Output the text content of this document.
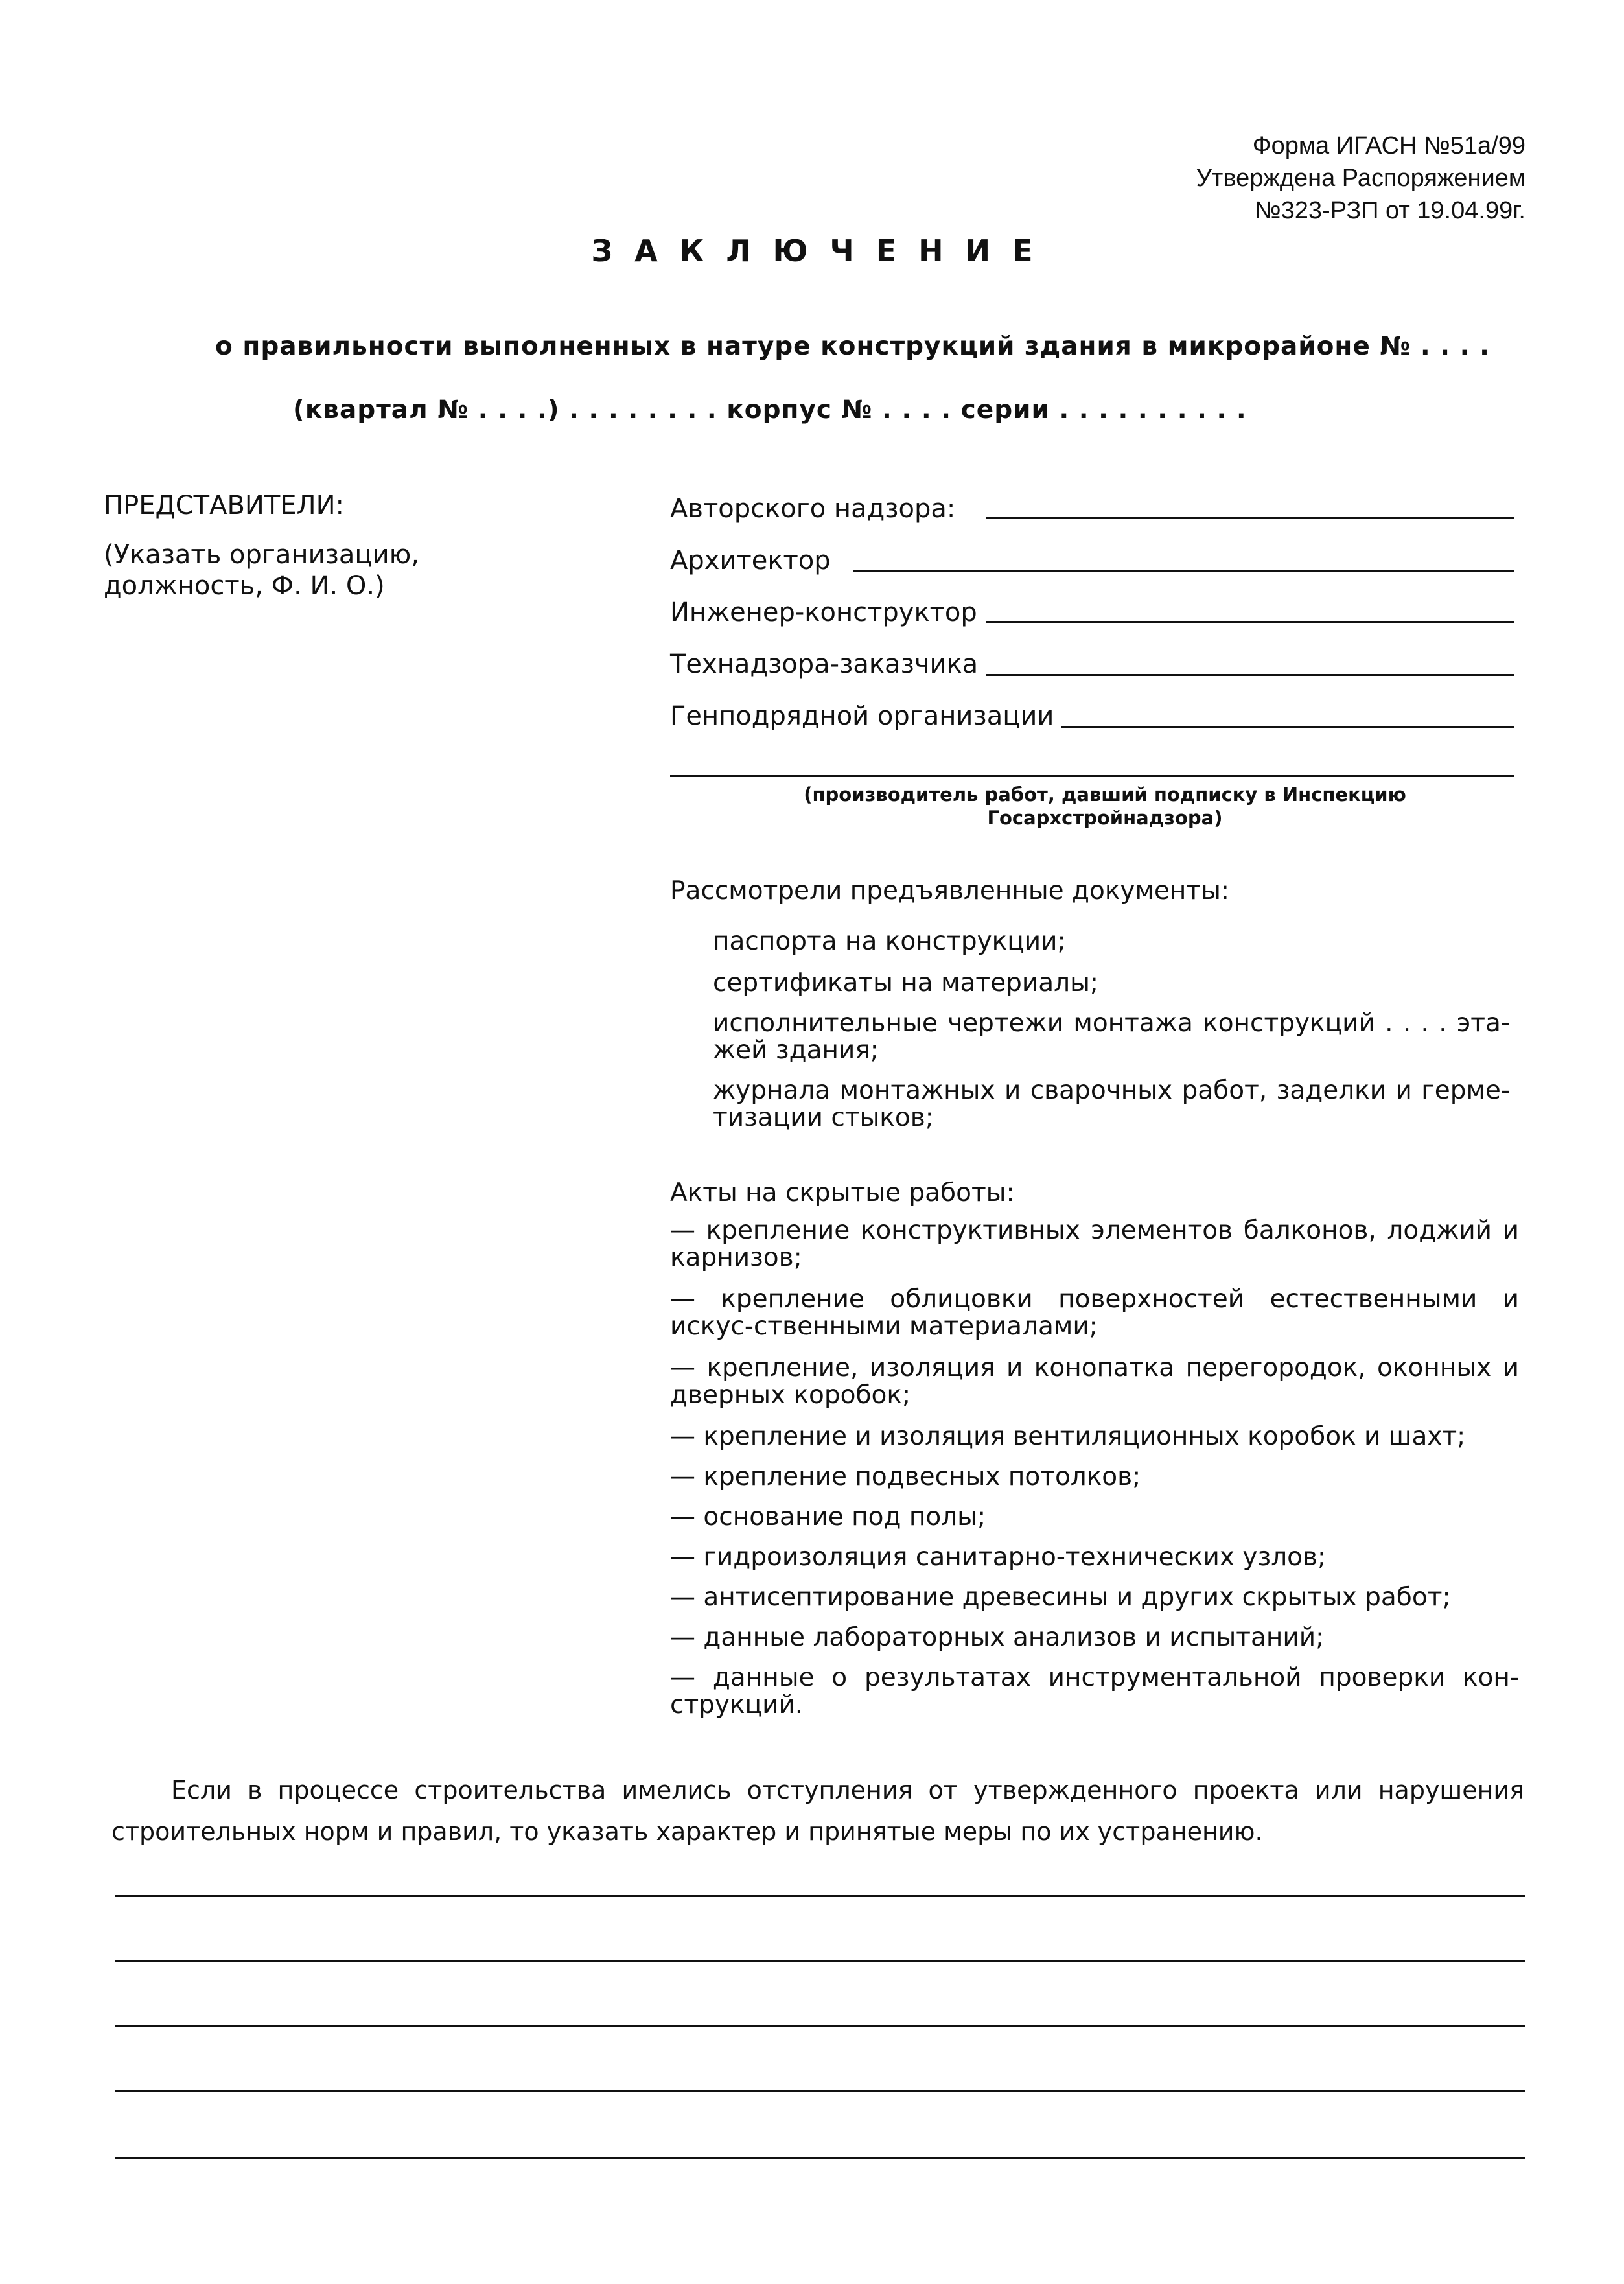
Форма ИГАСН №51а/99
Утверждена Распоряжением
№323-РЗП от 19.04.99г.
ЗАКЛЮЧЕНИЕ
о правильности выполненных в натуре конструкций здания в микрорайоне № . . . .
(квартал № . . . .) . . . . . . . . корпус № . . . . серии . . . . . . . . . .
ПРЕДСТАВИТЕЛИ:
(Указать организацию,
должность, Ф. И. О.)
Авторского надзора:
Архитектор
Инженер-конструктор
Технадзора-заказчика
Генподрядной организации
(производитель работ, давший подписку в Инспекцию
Госархстройнадзора)
Рассмотрели предъявленные документы:
паспорта на конструкции;
сертификаты на материалы;
исполнительные чертежи монтажа конструкций . . . . эта-жей здания;
журнала монтажных и сварочных работ, заделки и герме-тизации стыков;
Акты на скрытые работы:
— крепление конструктивных элементов балконов, лоджий и карнизов;
— крепление облицовки поверхностей естественными и искус-ственными материалами;
— крепление, изоляция и конопатка перегородок, оконных и дверных коробок;
— крепление и изоляция вентиляционных коробок и шахт;
— крепление подвесных потолков;
— основание под полы;
— гидроизоляция санитарно-технических узлов;
— антисептирование древесины и других скрытых работ;
— данные лабораторных анализов и испытаний;
— данные о результатах инструментальной проверки кон-струкций.
Если в процессе строительства имелись отступления от утвержденного проекта или нарушения строительных норм и правил, то указать характер и принятые меры по их устранению.
